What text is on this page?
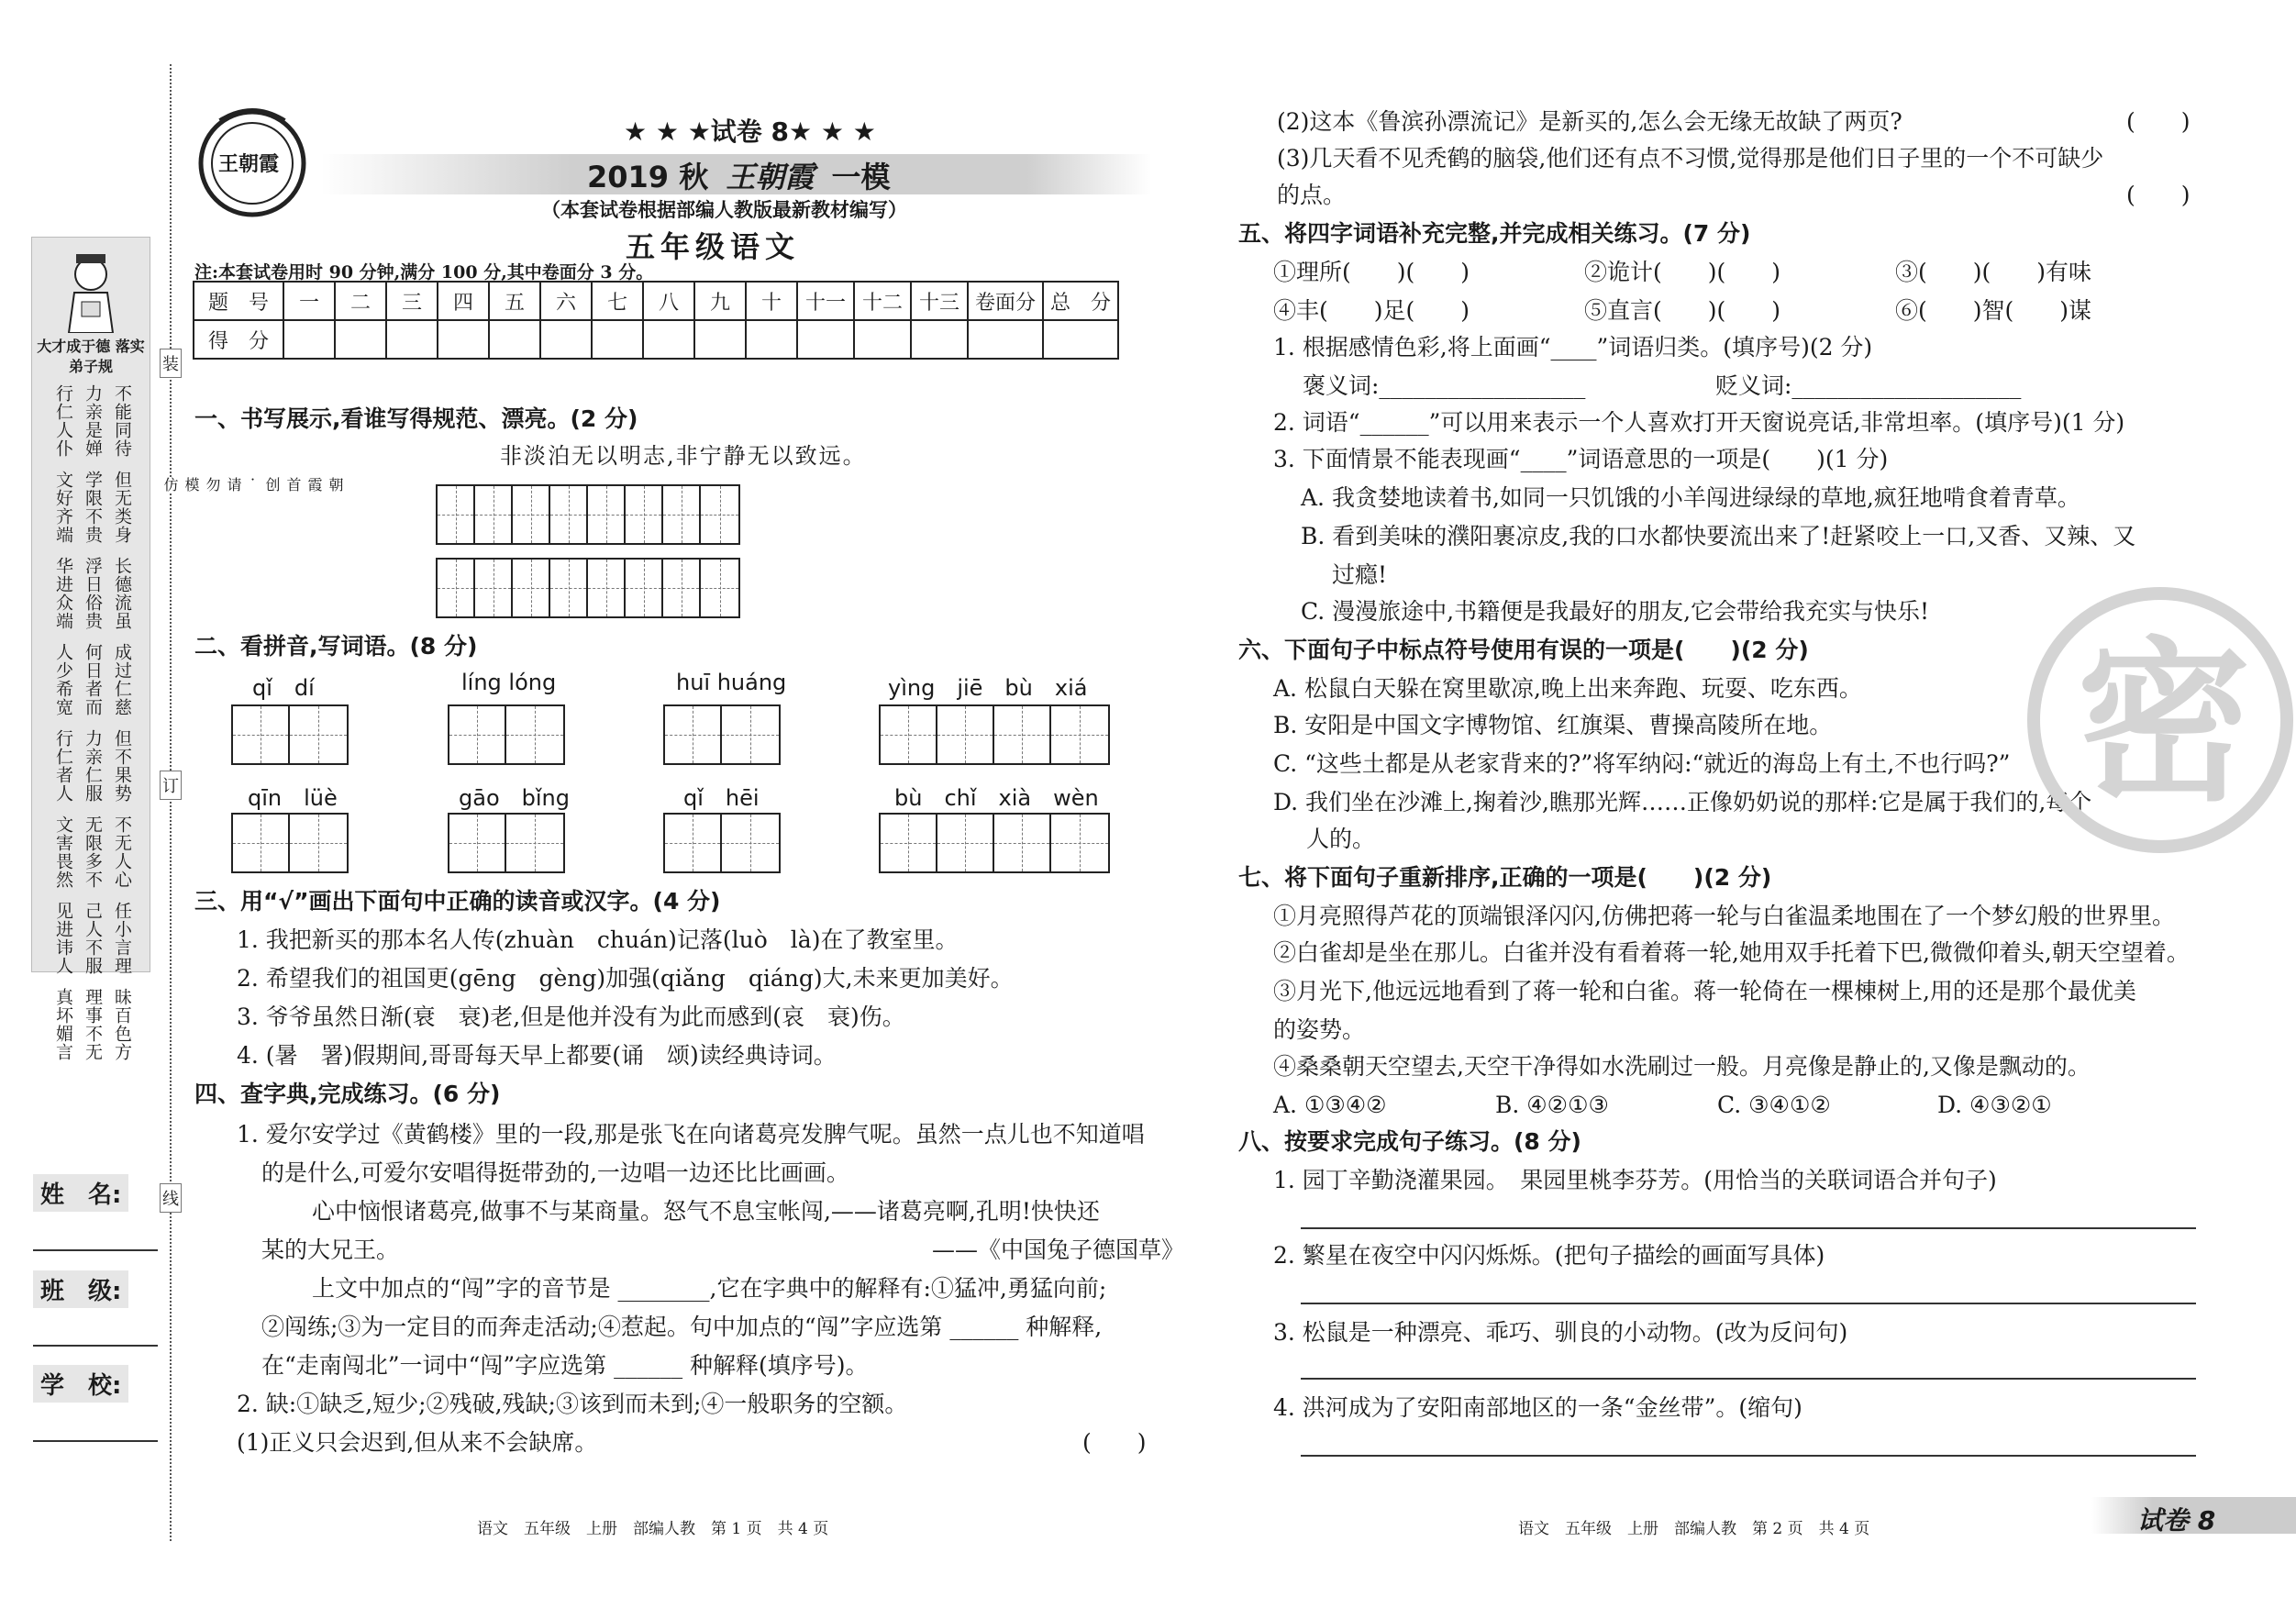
大才成于德 落实弟子规
不能同待
力亲是婵
行仁人仆
但无类身
学限不贵
文好齐端
长德流虽
浮日俗贵
华进众端
成过仁慈
何日者而
人少希宽
但不果势
力亲仁服
行仁者人
不无人心
无限多不
文害畏然
任小言理
己人不服
见进讳人
昧百色方
理事不无
真坏媚言
装
朝霞首创 · 请勿模仿
订
线
姓　名:
班　级:
学　校:
王朝霞
★ ★ ★试卷 8★ ★ ★
2019 秋 王朝霞 一模
（本套试卷根据部编人教版最新教材编写）
五年级语文
注:本套试卷用时 90 分钟,满分 100 分,其中卷面分 3 分。
题　号	一	二	三	四	五	六	七	八	九	十	十一	十二	十三	卷面分	总　分
得　分															
一、书写展示,看谁写得规范、漂亮。(2 分)
非淡泊无以明志,非宁静无以致远。
二、看拼音,写词语。(8 分)
qǐ　dí	líng lóng	huī huáng	yìng　jiē　bù　xiá
qīn　lüè	gāo　bǐng	qǐ　hēi	bù　chǐ　xià　wèn
三、用“√”画出下面句中正确的读音或汉字。(4 分)
1. 我把新买的那本名人传(zhuàn　chuán)记落(luò　là)在了教室里。
2. 希望我们的祖国更(gēng　gèng)加强(qiǎng　qiáng)大,未来更加美好。
3. 爷爷虽然日渐(衰　衰)老,但是他并没有为此而感到(哀　衰)伤。
4. (暑　署)假期间,哥哥每天早上都要(诵　颂)读经典诗词。
四、查字典,完成练习。(6 分)
1. 爱尔安学过《黄鹤楼》里的一段,那是张飞在向诸葛亮发脾气呢。虽然一点儿也不知道唱
的是什么,可爱尔安唱得挺带劲的,一边唱一边还比比画画。
心中恼恨诸葛亮,做事不与某商量。怒气不息宝帐闯,——诸葛亮啊,孔明!快快还
某的大兄王。	——《中国兔子德国草》
上文中加点的“闯”字的音节是 ________,它在字典中的解释有:①猛冲,勇猛向前;
②闯练;③为一定目的而奔走活动;④惹起。句中加点的“闯”字应选第 ______ 种解释,
在“走南闯北”一词中“闯”字应选第 ______ 种解释(填序号)。
2. 缺:①缺乏,短少;②残破,残缺;③该到而未到;④一般职务的空额。
(1)正义只会迟到,但从来不会缺席。	(　　)
语文　五年级　上册　部编人教　第 1 页　共 4 页
(2)这本《鲁滨孙漂流记》是新买的,怎么会无缘无故缺了两页?	(　　)
(3)几天看不见秃鹤的脑袋,他们还有点不习惯,觉得那是他们日子里的一个不可缺少
的点。	(　　)
五、将四字词语补充完整,并完成相关练习。(7 分)
①理所(　　)(　　)	②诡计(　　)(　　)	③(　　)(　　)有味
④丰(　　)足(　　)	⑤直言(　　)(　　)	⑥(　　)智(　　)谋
1. 根据感情色彩,将上面画“____”词语归类。(填序号)(2 分)
褒义词:__________________	贬义词:____________________
2. 词语“______”可以用来表示一个人喜欢打开天窗说亮话,非常坦率。(填序号)(1 分)
3. 下面情景不能表现画“____”词语意思的一项是(　　)(1 分)
A. 我贪婪地读着书,如同一只饥饿的小羊闯进绿绿的草地,疯狂地啃食着青草。
B. 看到美味的濮阳裹凉皮,我的口水都快要流出来了!赶紧咬上一口,又香、又辣、又
过瘾!
C. 漫漫旅途中,书籍便是我最好的朋友,它会带给我充实与快乐!
六、下面句子中标点符号使用有误的一项是(　　)(2 分)
A. 松鼠白天躲在窝里歇凉,晚上出来奔跑、玩耍、吃东西。
B. 安阳是中国文字博物馆、红旗渠、曹操高陵所在地。
C. “这些土都是从老家背来的?”将军纳闷:“就近的海岛上有土,不也行吗?”
D. 我们坐在沙滩上,掬着沙,瞧那光辉……正像奶奶说的那样:它是属于我们的,每个
人的。
七、将下面句子重新排序,正确的一项是(　　)(2 分)
①月亮照得芦花的顶端银泽闪闪,仿佛把蒋一轮与白雀温柔地围在了一个梦幻般的世界里。
②白雀却是坐在那儿。白雀并没有看着蒋一轮,她用双手托着下巴,微微仰着头,朝天空望着。
③月光下,他远远地看到了蒋一轮和白雀。蒋一轮倚在一棵棟树上,用的还是那个最优美
的姿势。
④桑桑朝天空望去,天空干净得如水洗刷过一般。月亮像是静止的,又像是飘动的。
A. ①③④②	B. ④②①③	C. ③④①②	D. ④③②①
八、按要求完成句子练习。(8 分)
1. 园丁辛勤浇灌果园。　果园里桃李芬芳。(用恰当的关联词语合并句子)
2. 繁星在夜空中闪闪烁烁。(把句子描绘的画面写具体)
3. 松鼠是一种漂亮、乖巧、驯良的小动物。(改为反问句)
4. 洪河成为了安阳南部地区的一条“金丝带”。(缩句)
语文　五年级　上册　部编人教　第 2 页　共 4 页	试卷 8
密
